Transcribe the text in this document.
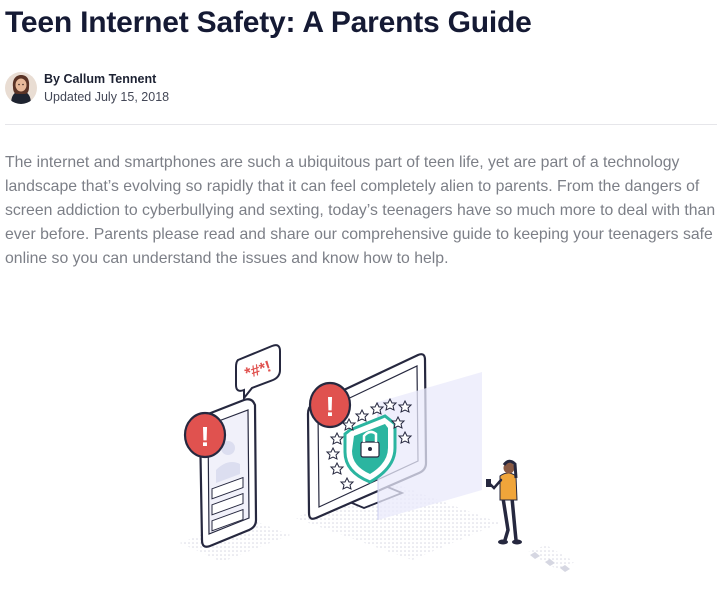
Teen Internet Safety: A Parents Guide
By Callum Tennent
Updated July 15, 2018

The internet and smartphones are such a ubiquitous part of teen life, yet are part of a technology landscape that’s evolving so rapidly that it can feel completely alien to parents. From the dangers of screen addiction to cyberbullying and sexting, today’s teenagers have so much more to deal with than ever before. Parents please read and share our comprehensive guide to keeping your teenagers safe online so you can understand the issues and know how to help.

!
*#*!
!
